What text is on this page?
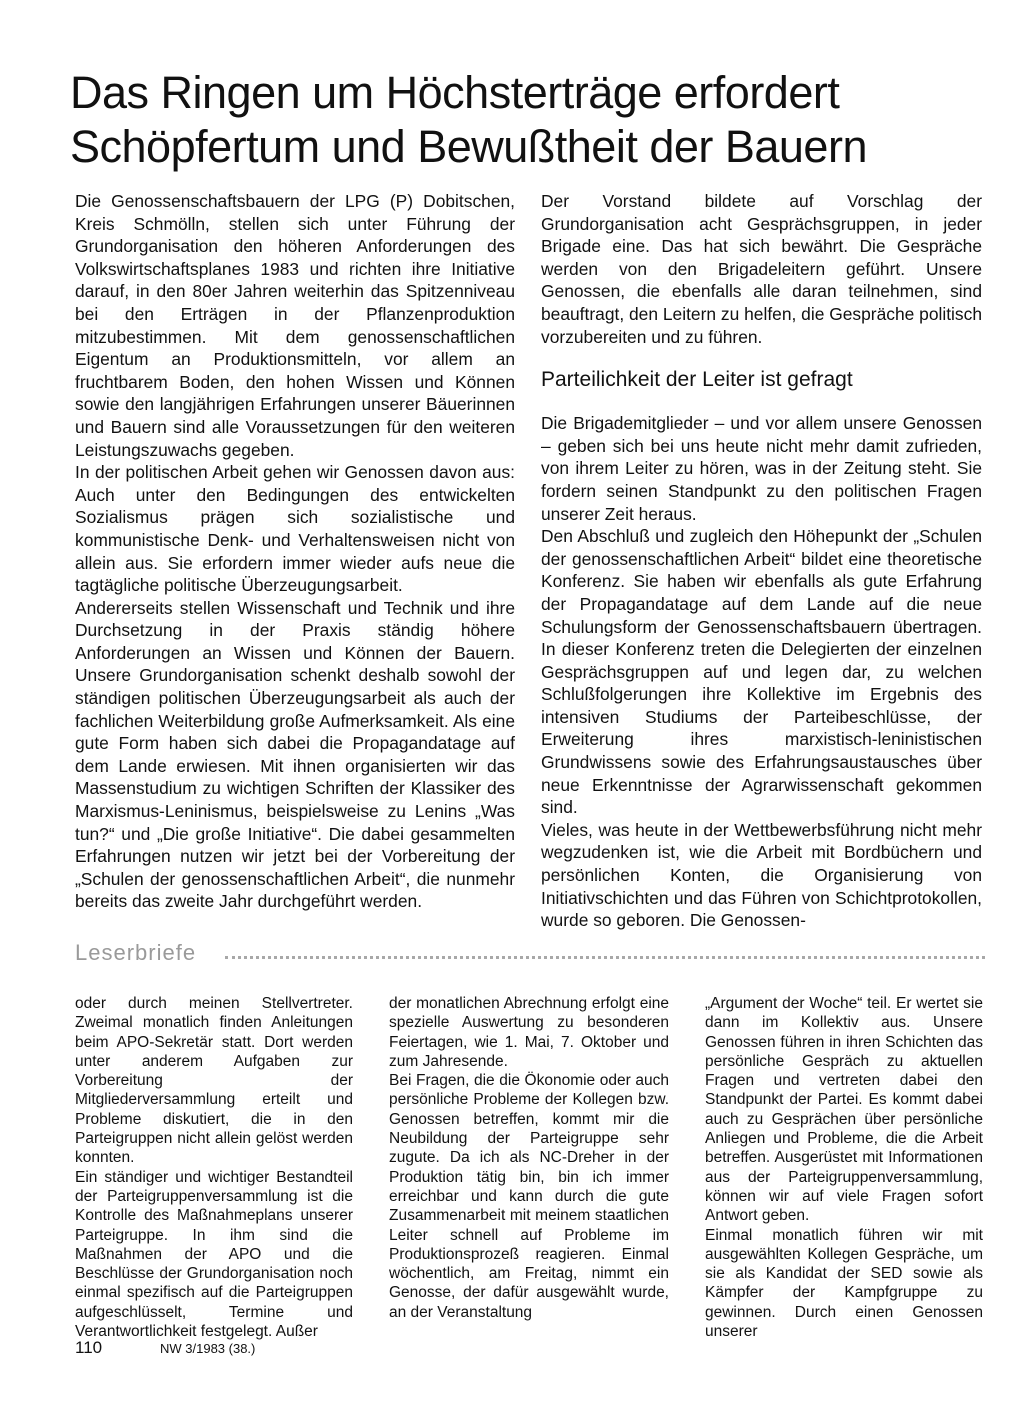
Das Ringen um Höchsterträge erfordert Schöpfertum und Bewußtheit der Bauern

Die Genossenschaftsbauern der LPG (P) Dobitschen, Kreis Schmölln, stellen sich unter Führung der Grundorganisation den höheren Anforderungen des Volkswirtschaftsplanes 1983 und richten ihre Initiative darauf, in den 80er Jahren weiterhin das Spitzenniveau bei den Erträgen in der Pflanzenproduktion mitzubestimmen. Mit dem genossenschaftlichen Eigentum an Produktionsmitteln, vor allem an fruchtbarem Boden, den hohen Wissen und Können sowie den langjährigen Erfahrungen unserer Bäuerinnen und Bauern sind alle Voraussetzungen für den weiteren Leistungszuwachs gegeben.

In der politischen Arbeit gehen wir Genossen davon aus: Auch unter den Bedingungen des entwickelten Sozialismus prägen sich sozialistische und kommunistische Denk- und Verhaltensweisen nicht von allein aus. Sie erfordern immer wieder aufs neue die tagtägliche politische Überzeugungsarbeit.

Andererseits stellen Wissenschaft und Technik und ihre Durchsetzung in der Praxis ständig höhere Anforderungen an Wissen und Können der Bauern. Unsere Grundorganisation schenkt deshalb sowohl der ständigen politischen Überzeugungsarbeit als auch der fachlichen Weiterbildung große Aufmerksamkeit. Als eine gute Form haben sich dabei die Propagandatage auf dem Lande erwiesen. Mit ihnen organisierten wir das Massenstudium zu wichtigen Schriften der Klassiker des Marxismus-Leninismus, beispielsweise zu Lenins „Was tun?“ und „Die große Initiative“. Die dabei gesammelten Erfahrungen nutzen wir jetzt bei der Vorbereitung der „Schulen der genossenschaftlichen Arbeit“, die nunmehr bereits das zweite Jahr durchgeführt werden.

Der Vorstand bildete auf Vorschlag der Grundorganisation acht Gesprächsgruppen, in jeder Brigade eine. Das hat sich bewährt. Die Gespräche werden von den Brigadeleitern geführt. Unsere Genossen, die ebenfalls alle daran teilnehmen, sind beauftragt, den Leitern zu helfen, die Gespräche politisch vorzubereiten und zu führen.

Parteilichkeit der Leiter ist gefragt

Die Brigademitglieder – und vor allem unsere Genossen – geben sich bei uns heute nicht mehr damit zufrieden, von ihrem Leiter zu hören, was in der Zeitung steht. Sie fordern seinen Standpunkt zu den politischen Fragen unserer Zeit heraus.

Den Abschluß und zugleich den Höhepunkt der „Schulen der genossenschaftlichen Arbeit“ bildet eine theoretische Konferenz. Sie haben wir ebenfalls als gute Erfahrung der Propagandatage auf dem Lande auf die neue Schulungsform der Genossenschaftsbauern übertragen. In dieser Konferenz treten die Delegierten der einzelnen Gesprächsgruppen auf und legen dar, zu welchen Schlußfolgerungen ihre Kollektive im Ergebnis des intensiven Studiums der Parteibeschlüsse, der Erweiterung ihres marxistisch-leninistischen Grundwissens sowie des Erfahrungsaustausches über neue Erkenntnisse der Agrarwissenschaft gekommen sind.

Vieles, was heute in der Wettbewerbsführung nicht mehr wegzudenken ist, wie die Arbeit mit Bordbüchern und persönlichen Konten, die Organisierung von Initiativschichten und das Führen von Schichtprotokollen, wurde so geboren. Die Genossen-

Leserbriefe

oder durch meinen Stellvertreter. Zweimal monatlich finden Anleitungen beim APO-Sekretär statt. Dort werden unter anderem Aufgaben zur Vorbereitung der Mitgliederversammlung erteilt und Probleme diskutiert, die in den Parteigruppen nicht allein gelöst werden konnten.

Ein ständiger und wichtiger Bestandteil der Parteigruppenversammlung ist die Kontrolle des Maßnahmeplans unserer Parteigruppe. In ihm sind die Maßnahmen der APO und die Beschlüsse der Grundorganisation noch einmal spezifisch auf die Parteigruppen aufgeschlüsselt, Termine und Verantwortlichkeit festgelegt. Außer

der monatlichen Abrechnung erfolgt eine spezielle Auswertung zu besonderen Feiertagen, wie 1. Mai, 7. Oktober und zum Jahresende.

Bei Fragen, die die Ökonomie oder auch persönliche Probleme der Kollegen bzw. Genossen betreffen, kommt mir die Neubildung der Parteigruppe sehr zugute. Da ich als NC-Dreher in der Produktion tätig bin, bin ich immer erreichbar und kann durch die gute Zusammenarbeit mit meinem staatlichen Leiter schnell auf Probleme im Produktionsprozeß reagieren. Einmal wöchentlich, am Freitag, nimmt ein Genosse, der dafür ausgewählt wurde, an der Veranstaltung

„Argument der Woche“ teil. Er wertet sie dann im Kollektiv aus. Unsere Genossen führen in ihren Schichten das persönliche Gespräch zu aktuellen Fragen und vertreten dabei den Standpunkt der Partei. Es kommt dabei auch zu Gesprächen über persönliche Anliegen und Probleme, die die Arbeit betreffen. Ausgerüstet mit Informationen aus der Parteigruppenversammlung, können wir auf viele Fragen sofort Antwort geben.

Einmal monatlich führen wir mit ausgewählten Kollegen Gespräche, um sie als Kandidat der SED sowie als Kämpfer der Kampfgruppe zu gewinnen. Durch einen Genossen unserer

110	NW 3/1983 (38.)
